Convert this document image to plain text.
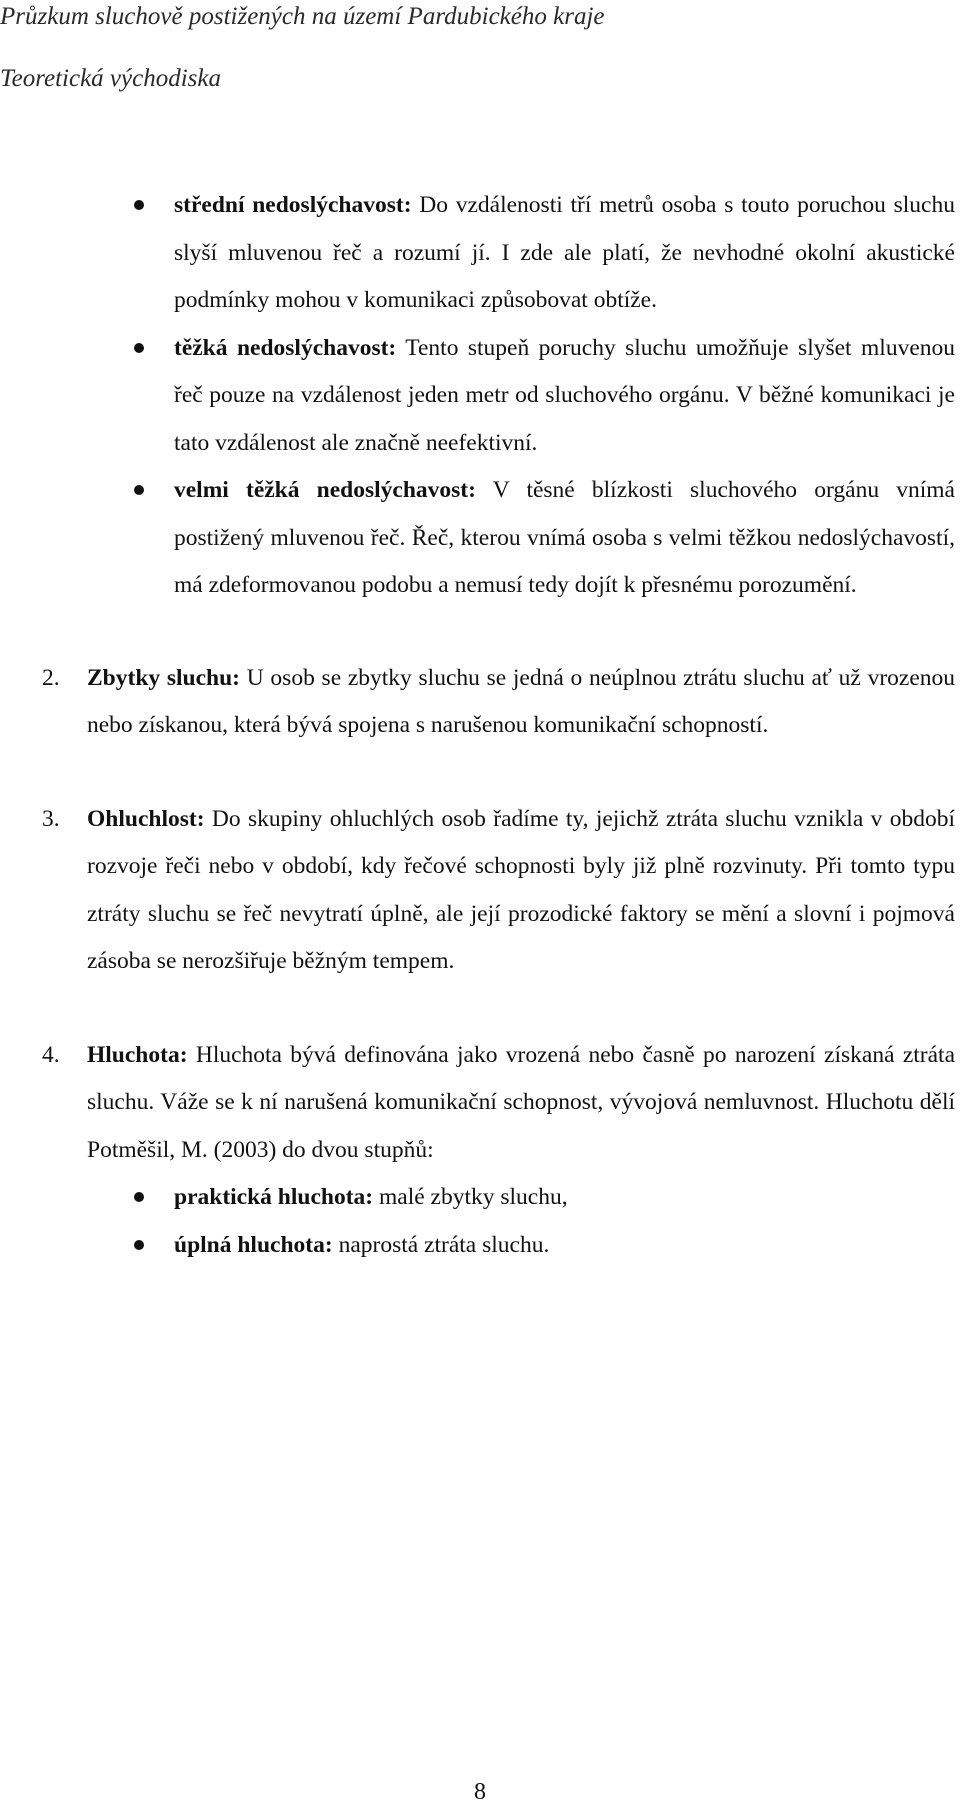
Průzkum sluchově postižených na území Pardubického kraje
Teoretická východiska
střední nedoslýchavost: Do vzdálenosti tří metrů osoba s touto poruchou sluchu slyší mluvenou řeč a rozumí jí. I zde ale platí, že nevhodné okolní akustické podmínky mohou v komunikaci způsobovat obtíže.
těžká nedoslýchavost: Tento stupeň poruchy sluchu umožňuje slyšet mluvenou řeč pouze na vzdálenost jeden metr od sluchového orgánu. V běžné komunikaci je tato vzdálenost ale značně neefektivní.
velmi těžká nedoslýchavost: V těsné blízkosti sluchového orgánu vnímá postižený mluvenou řeč. Řeč, kterou vnímá osoba s velmi těžkou nedoslýchavostí, má zdeformovanou podobu a nemusí tedy dojít k přesnému porozumění.
2. Zbytky sluchu: U osob se zbytky sluchu se jedná o neúplnou ztrátu sluchu ať už vrozenou nebo získanou, která bývá spojena s narušenou komunikační schopností.
3. Ohluchlost: Do skupiny ohluchlých osob řadíme ty, jejichž ztráta sluchu vznikla v období rozvoje řeči nebo v období, kdy řečové schopnosti byly již plně rozvinuty. Při tomto typu ztráty sluchu se řeč nevytratí úplně, ale její prozodické faktory se mění a slovní i pojmová zásoba se nerozšiřuje běžným tempem.
4. Hluchota: Hluchota bývá definována jako vrozená nebo časně po narození získaná ztráta sluchu. Váže se k ní narušená komunikační schopnost, vývojová nemluvnost. Hluchotu dělí Potměšil, M. (2003) do dvou stupňů:
praktická hluchota: malé zbytky sluchu,
úplná hluchota: naprostá ztráta sluchu.
8
